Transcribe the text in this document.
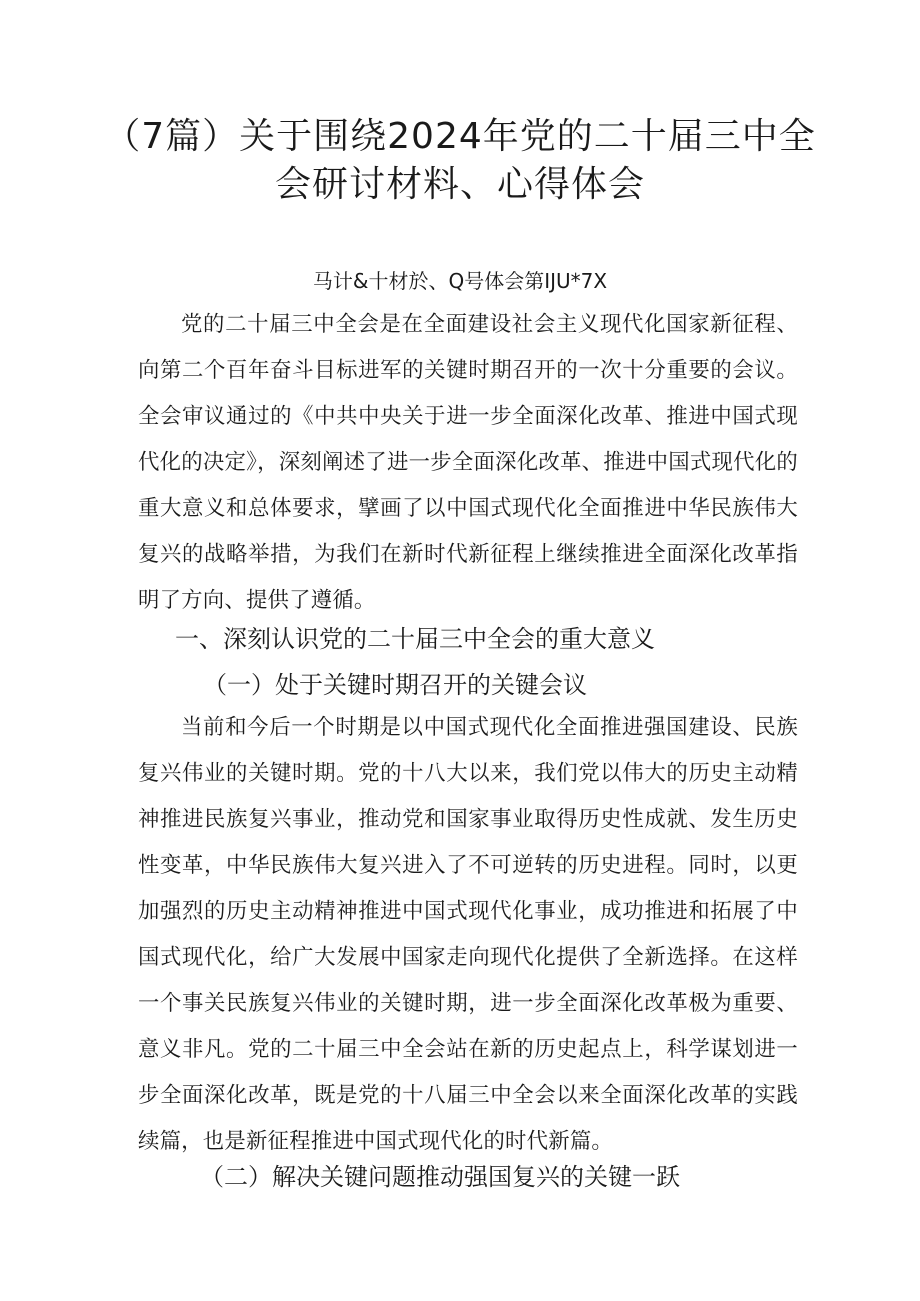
（7篇）关于围绕2024年党的二十届三中全
会研讨材料、心得体会
马计&十材於、Q号体会第IJU*7X

党的二十届三中全会是在全面建设社会主义现代化国家新征程、向第二个百年奋斗目标进军的关键时期召开的一次十分重要的会议。全会审议通过的《中共中央关于进一步全面深化改革、推进中国式现代化的决定》，深刻阐述了进一步全面深化改革、推进中国式现代化的重大意义和总体要求，擘画了以中国式现代化全面推进中华民族伟大复兴的战略举措，为我们在新时代新征程上继续推进全面深化改革指明了方向、提供了遵循。

一、深刻认识党的二十届三中全会的重大意义
（一）处于关键时期召开的关键会议

当前和今后一个时期是以中国式现代化全面推进强国建设、民族复兴伟业的关键时期。党的十八大以来，我们党以伟大的历史主动精神推进民族复兴事业，推动党和国家事业取得历史性成就、发生历史性变革，中华民族伟大复兴进入了不可逆转的历史进程。同时，以更加强烈的历史主动精神推进中国式现代化事业，成功推进和拓展了中国式现代化，给广大发展中国家走向现代化提供了全新选择。在这样一个事关民族复兴伟业的关键时期，进一步全面深化改革极为重要、意义非凡。党的二十届三中全会站在新的历史起点上，科学谋划进一步全面深化改革，既是党的十八届三中全会以来全面深化改革的实践续篇，也是新征程推进中国式现代化的时代新篇。

（二）解决关键问题推动强国复兴的关键一跃
